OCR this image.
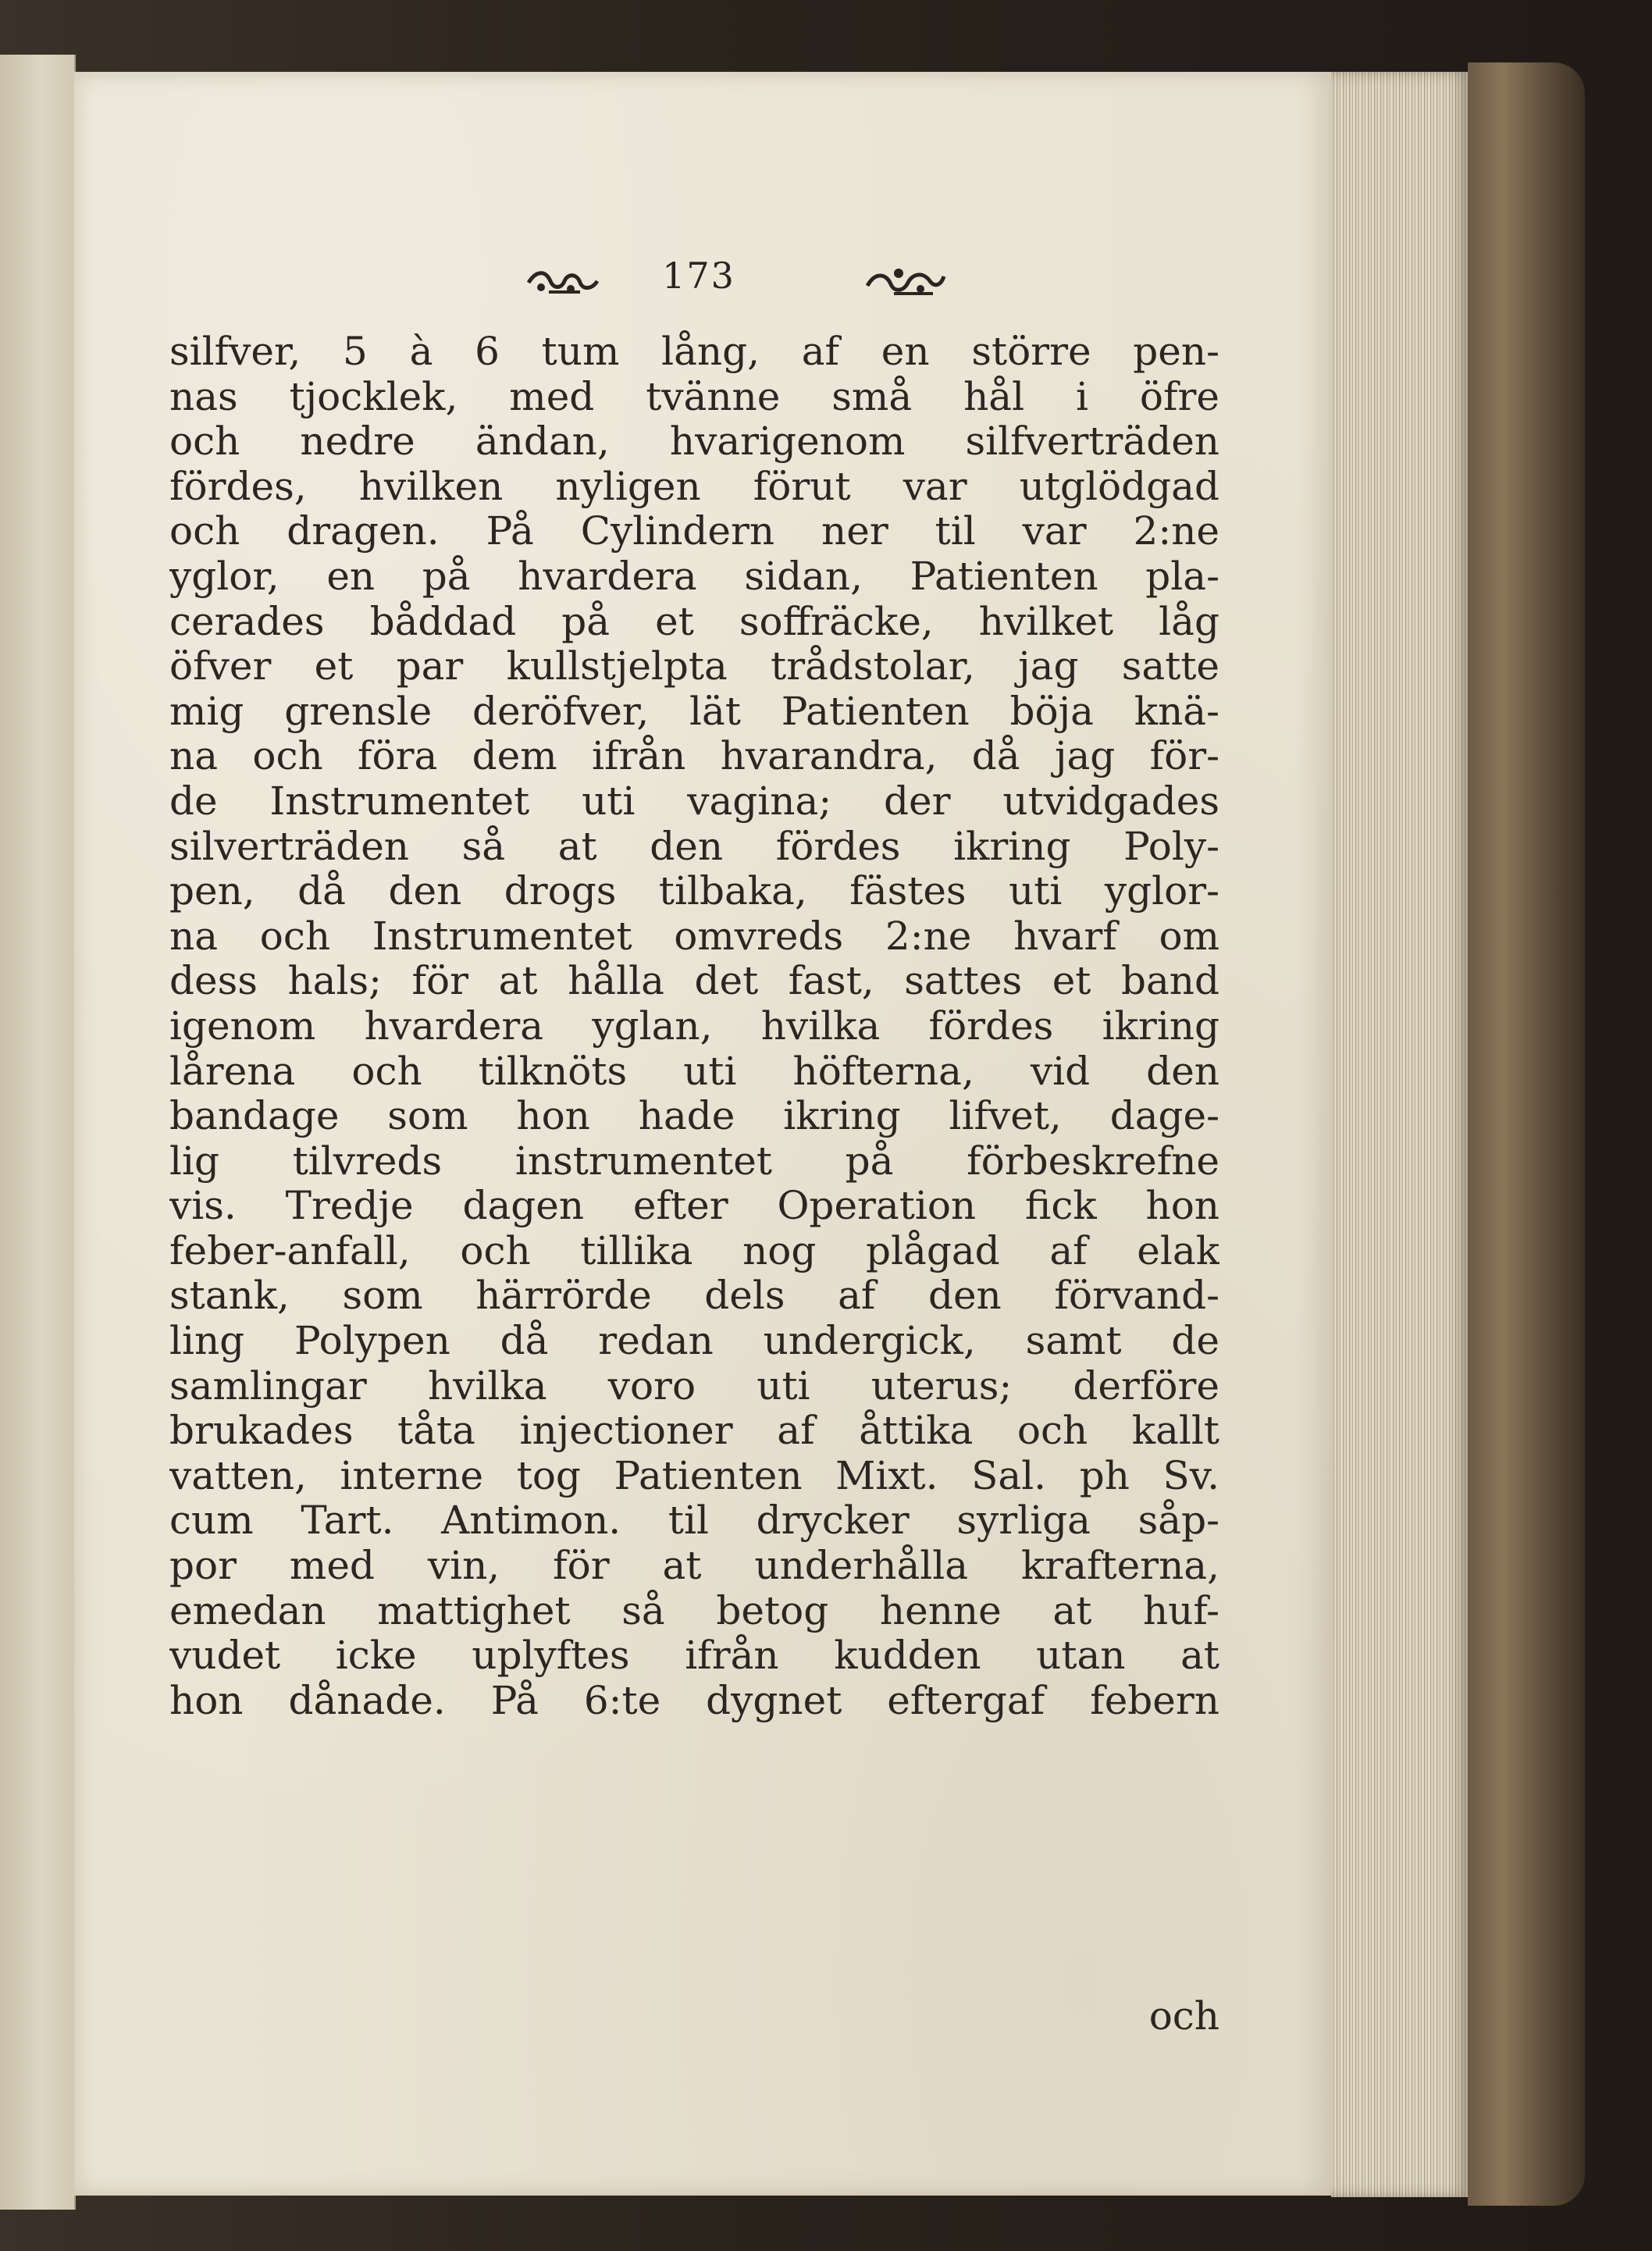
173
silfver, 5 à 6 tum lång, af en större pen-
nas tjocklek, med tvänne små hål i öfre
och nedre ändan, hvarigenom silfverträden
fördes, hvilken nyligen förut var utglödgad
och dragen. På Cylindern ner til var 2:ne
yglor, en på hvardera sidan, Patienten pla-
cerades båddad på et soffräcke, hvilket låg
öfver et par kullstjelpta trådstolar, jag satte
mig grensle deröfver, lät Patienten böja knä-
na och föra dem ifrån hvarandra, då jag för-
de Instrumentet uti vagina; der utvidgades
silverträden så at den fördes ikring Poly-
pen, då den drogs tilbaka, fästes uti yglor-
na och Instrumentet omvreds 2:ne hvarf om
dess hals; för at hålla det fast, sattes et band
igenom hvardera yglan, hvilka fördes ikring
lårena och tilknöts uti höfterna, vid den
bandage som hon hade ikring lifvet, dage-
lig tilvreds instrumentet på förbeskrefne
vis. Tredje dagen efter Operation fick hon
feber-anfall, och tillika nog plågad af elak
stank, som härrörde dels af den förvand-
ling Polypen då redan undergick, samt de
samlingar hvilka voro uti uterus; derföre
brukades tåta injectioner af åttika och kallt
vatten, interne tog Patienten Mixt. Sal. ph Sv.
cum Tart. Antimon. til drycker syrliga såp-
por med vin, för at underhålla krafterna,
emedan mattighet så betog henne at huf-
vudet icke uplyftes ifrån kudden utan at
hon dånade. På 6:te dygnet eftergaf febern
och
